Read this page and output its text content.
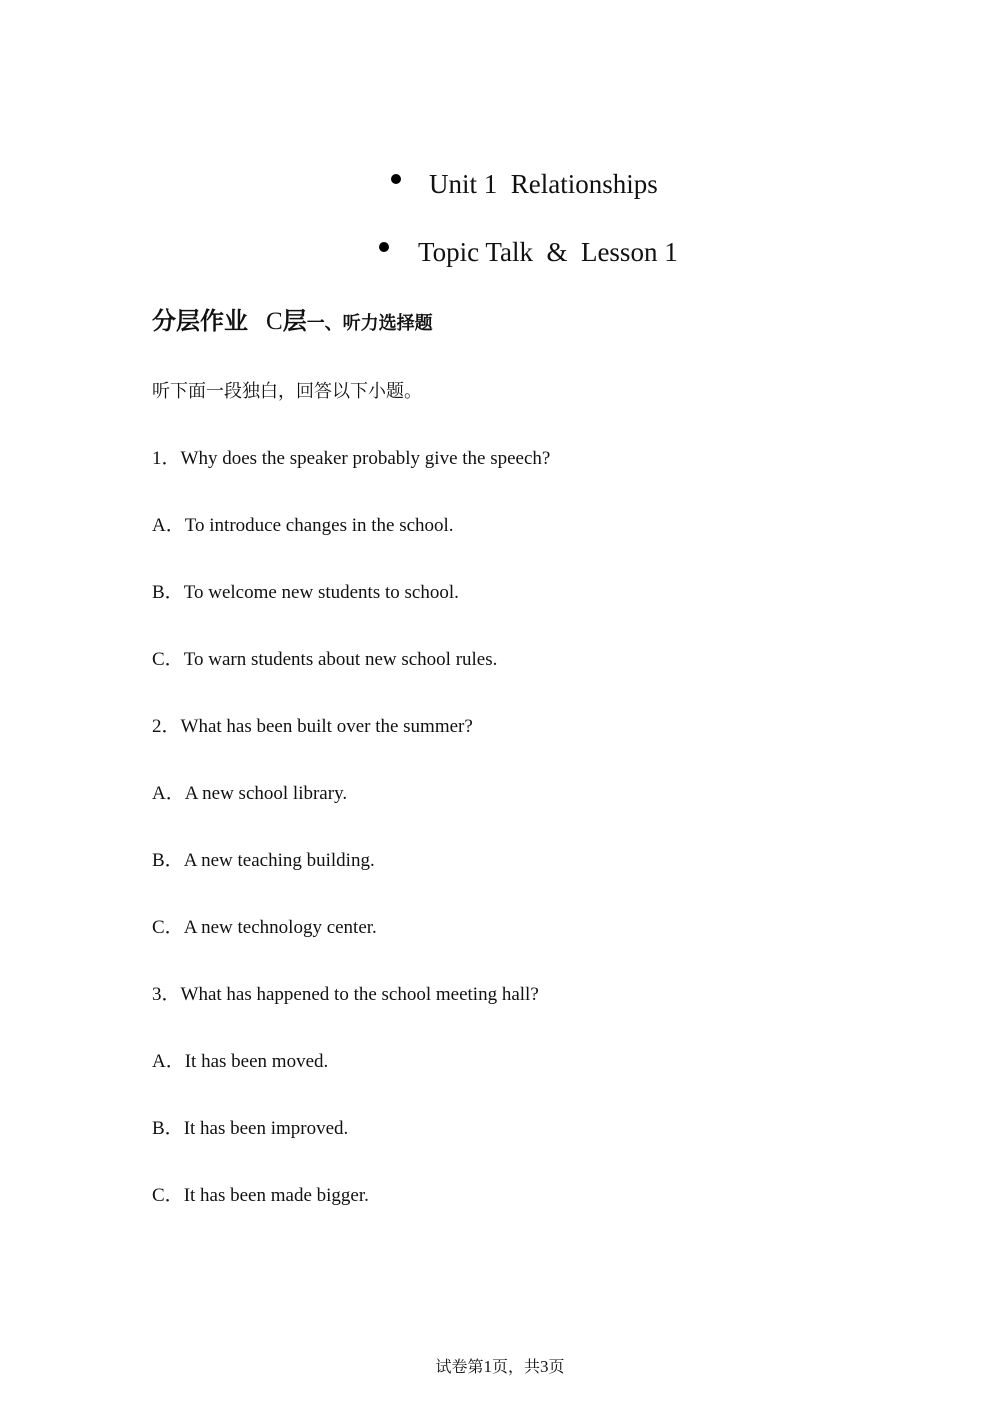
Unit 1  Relationships
Topic Talk  &  Lesson 1
分层作业 C层一、听力选择题
听下面一段独白，回答以下小题。
1．Why does the speaker probably give the speech?
A．To introduce changes in the school.
B．To welcome new students to school.
C．To warn students about new school rules.
2．What has been built over the summer?
A．A new school library.
B．A new teaching building.
C．A new technology center.
3．What has happened to the school meeting hall?
A．It has been moved.
B．It has been improved.
C．It has been made bigger.
试卷第1页，共3页
